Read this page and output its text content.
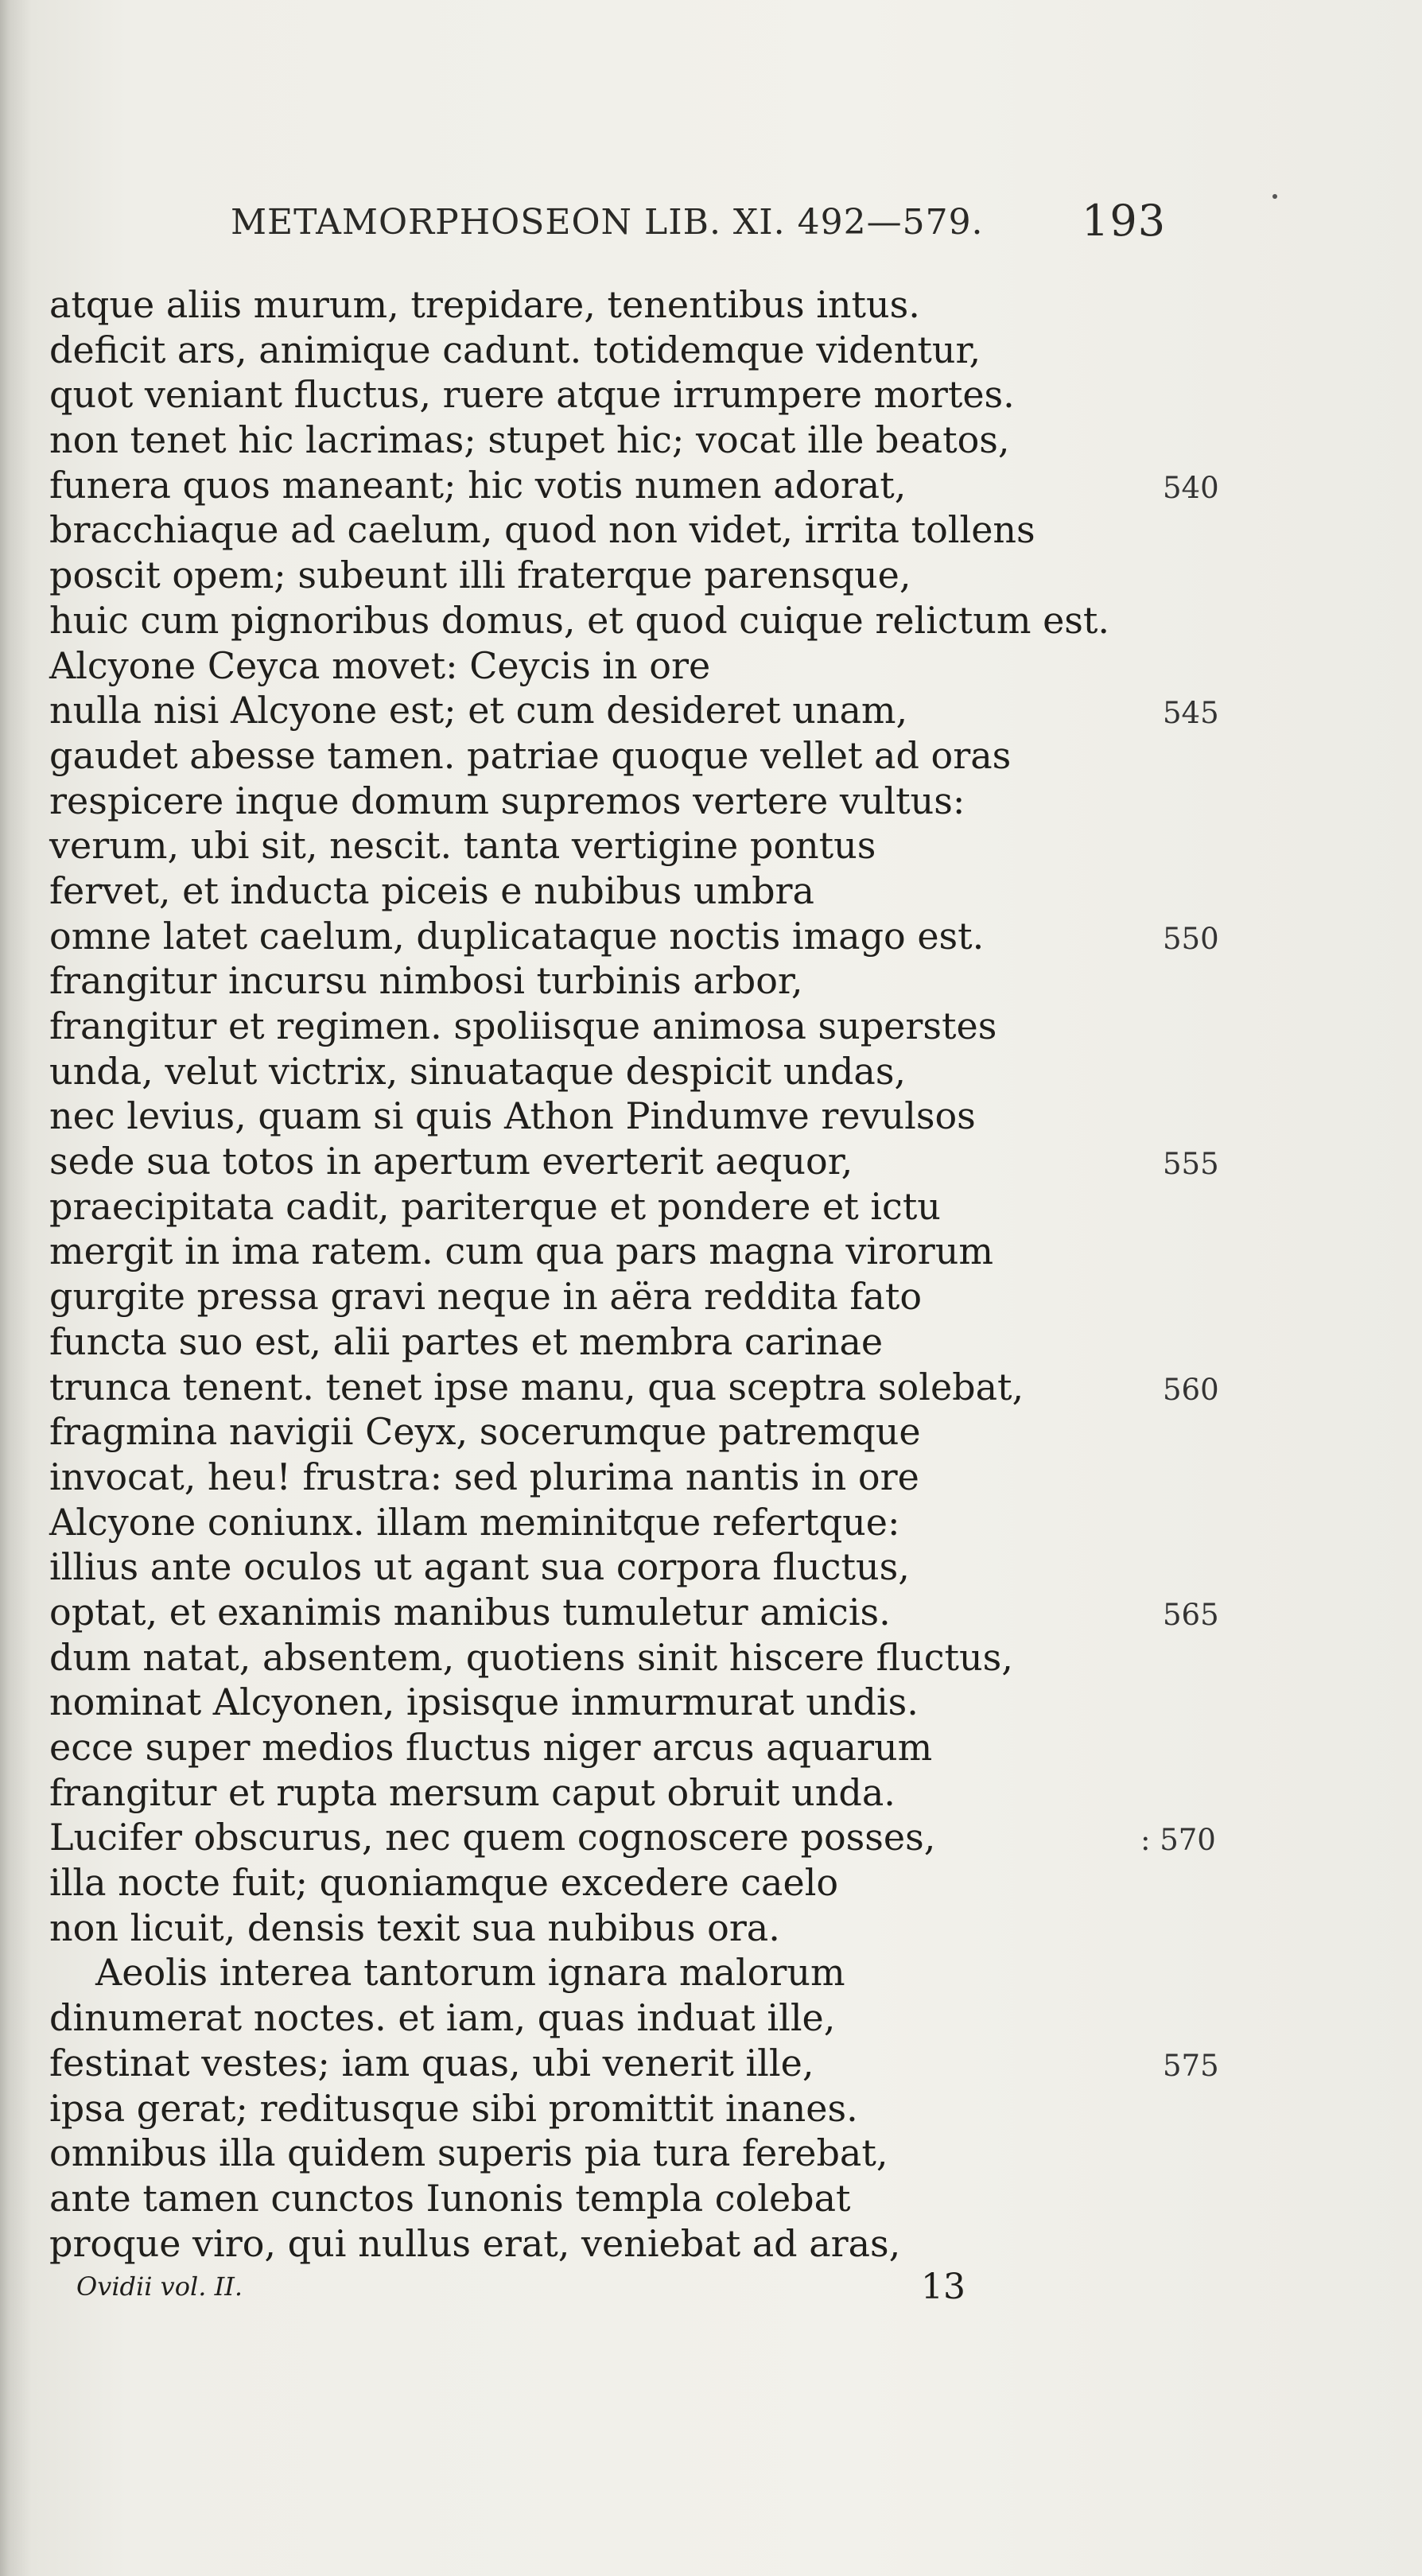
METAMORPHOSEON LIB. XI. 492—579. 193
atque aliis murum, trepidare, tenentibus intus.
deficit ars, animique cadunt. totidemque videntur,
quot veniant fluctus, ruere atque irrumpere mortes.
non tenet hic lacrimas; stupet hic; vocat ille beatos,
funera quos maneant; hic votis numen adorat,	540
bracchiaque ad caelum, quod non videt, irrita tollens
poscit opem; subeunt illi fraterque parensque,
huic cum pignoribus domus, et quod cuique relictum est.
Alcyone Ceyca movet: Ceycis in ore
nulla nisi Alcyone est; et cum desideret unam,	545
gaudet abesse tamen. patriae quoque vellet ad oras
respicere inque domum supremos vertere vultus:
verum, ubi sit, nescit. tanta vertigine pontus
fervet, et inducta piceis e nubibus umbra
omne latet caelum, duplicataque noctis imago est.	550
frangitur incursu nimbosi turbinis arbor,
frangitur et regimen. spoliisque animosa superstes
unda, velut victrix, sinuataque despicit undas,
nec levius, quam si quis Athon Pindumve revulsos
sede sua totos in apertum everterit aequor,	555
praecipitata cadit, pariterque et pondere et ictu
mergit in ima ratem. cum qua pars magna virorum
gurgite pressa gravi neque in aëra reddita fato
functa suo est, alii partes et membra carinae
trunca tenent. tenet ipse manu, qua sceptra solebat,	560
fragmina navigii Ceyx, socerumque patremque
invocat, heu! frustra: sed plurima nantis in ore
Alcyone coniunx. illam meminitque refertque:
illius ante oculos ut agant sua corpora fluctus,
optat, et exanimis manibus tumuletur amicis.	565
dum natat, absentem, quotiens sinit hiscere fluctus,
nominat Alcyonen, ipsisque inmurmurat undis.
ecce super medios fluctus niger arcus aquarum
frangitur et rupta mersum caput obruit unda.
Lucifer obscurus, nec quem cognoscere posses,	: 570
illa nocte fuit; quoniamque excedere caelo
non licuit, densis texit sua nubibus ora.
Aeolis interea tantorum ignara malorum
dinumerat noctes. et iam, quas induat ille,
festinat vestes; iam quas, ubi venerit ille,	575
ipsa gerat; reditusque sibi promittit inanes.
omnibus illa quidem superis pia tura ferebat,
ante tamen cunctos Iunonis templa colebat
proque viro, qui nullus erat, veniebat ad aras,
Ovidii vol. II.	13
